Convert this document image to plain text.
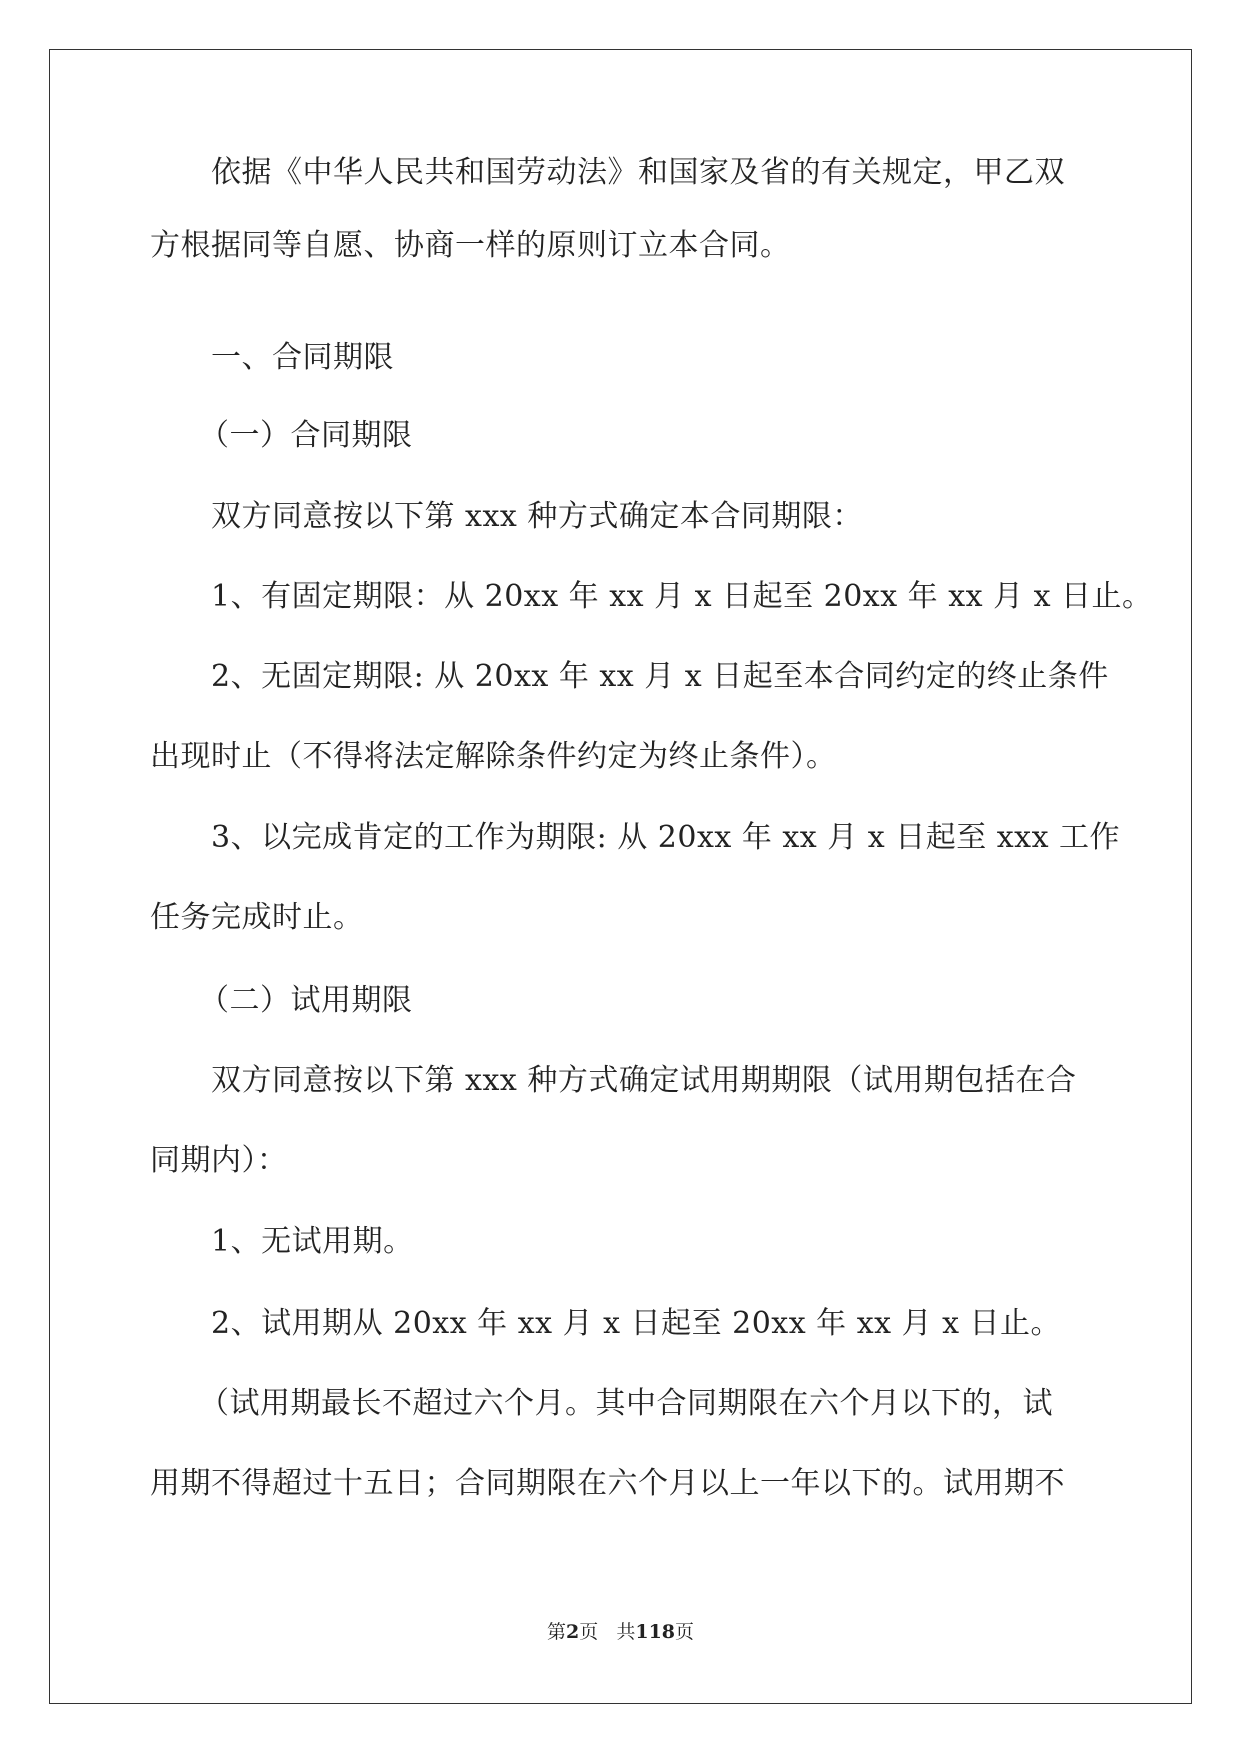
依据《中华人民共和国劳动法》和国家及省的有关规定，甲乙双
方根据同等自愿、协商一样的原则订立本合同。
一、合同期限
（一）合同期限
双方同意按以下第 xxx 种方式确定本合同期限：
1、有固定期限：从 20xx 年 xx 月 x 日起至 20xx 年 xx 月 x 日止。
2、无固定期限: 从 20xx 年 xx 月 x 日起至本合同约定的终止条件
出现时止（不得将法定解除条件约定为终止条件）。
3、以完成肯定的工作为期限: 从 20xx 年 xx 月 x 日起至 xxx 工作
任务完成时止。
（二）试用期限
双方同意按以下第 xxx 种方式确定试用期期限（试用期包括在合
同期内）：
1、无试用期。
2、试用期从 20xx 年 xx 月 x 日起至 20xx 年 xx 月 x 日止。
（试用期最长不超过六个月。其中合同期限在六个月以下的，试
用期不得超过十五日；合同期限在六个月以上一年以下的。试用期不
第2页 共118页
